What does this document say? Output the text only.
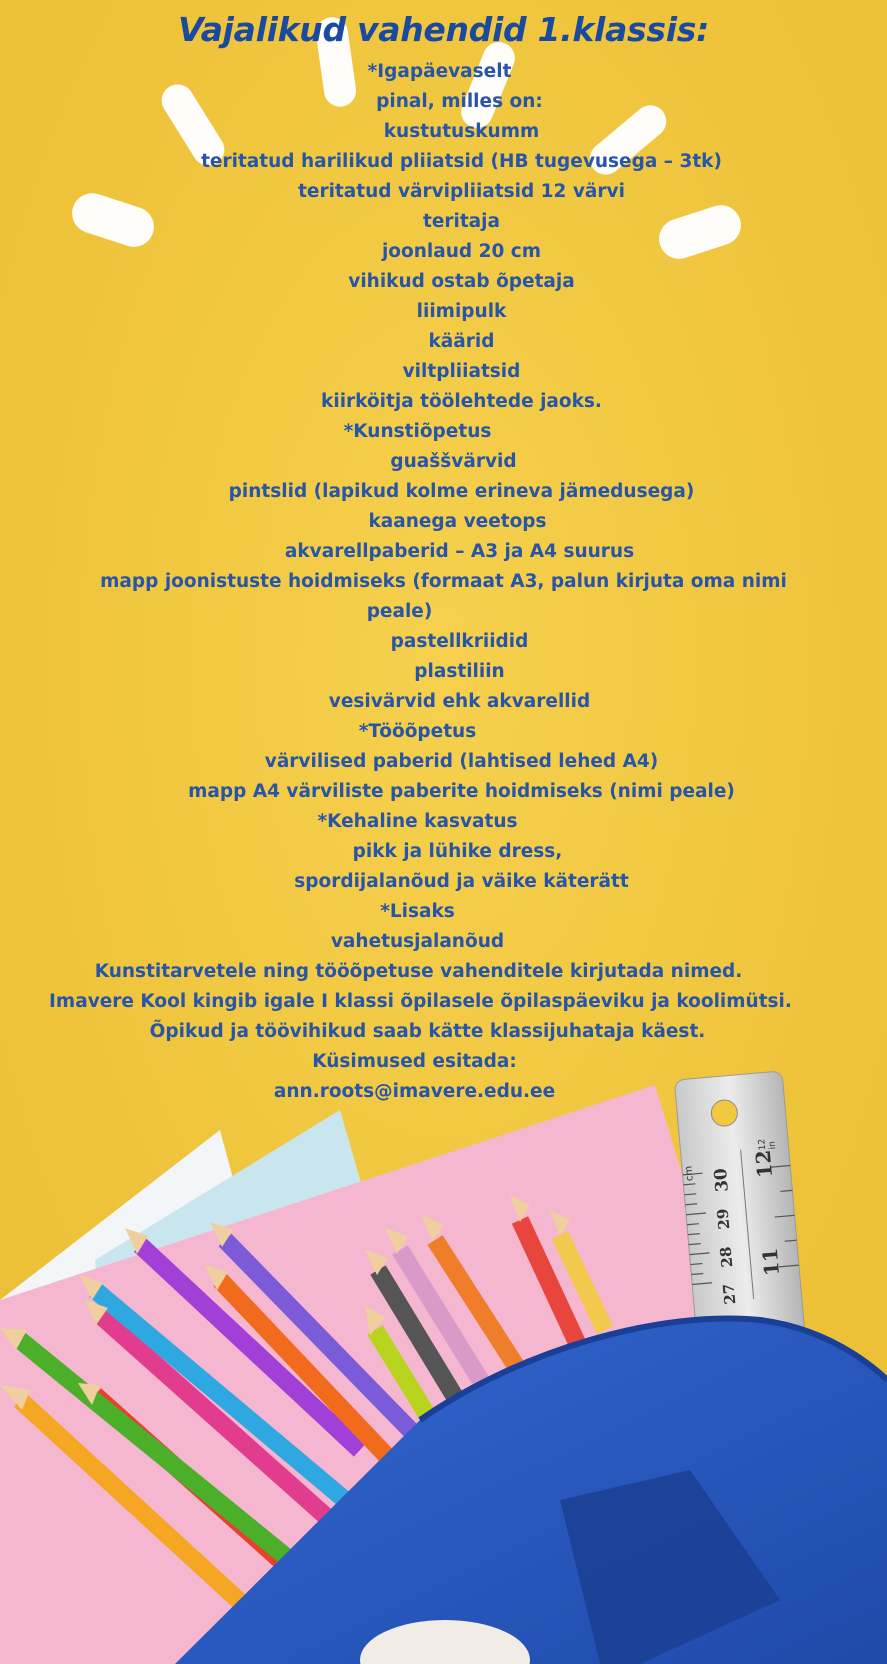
Vajalikud vahendid 1.klassis:
*Igapäevaselt
pinal, milles on:
kustutuskumm
teritatud harilikud pliiatsid (HB tugevusega – 3tk)
teritatud värvipliiatsid 12 värvi
teritaja
joonlaud 20 cm
vihikud ostab õpetaja
liimipulk
käärid
viltpliiatsid
kiirköitja töölehtede jaoks.
*Kunstiõpetus
guaššvärvid
pintslid (lapikud kolme erineva jämedusega)
kaanega veetops
akvarellpaberid – A3 ja A4 suurus
mapp joonistuste hoidmiseks (formaat A3, palun kirjuta oma nimi
peale)
pastellkriidid
plastiliin
vesivärvid ehk akvarellid
*Tööõpetus
värvilised paberid (lahtised lehed A4)
mapp A4 värviliste paberite hoidmiseks (nimi peale)
*Kehaline kasvatus
pikk ja lühike dress,
spordijalanõud ja väike käterätt
*Lisaks
vahetusjalanõud
Kunstitarvetele ning tööõpetuse vahenditele kirjutada nimed.
Imavere Kool kingib igale I klassi õpilasele õpilaspäeviku ja koolimütsi.
Õpikud ja töövihikud saab kätte klassijuhataja käest.
Küsimused esitada:
ann.roots@imavere.edu.ee
cm
12 in
30
29
28
27
12
11
